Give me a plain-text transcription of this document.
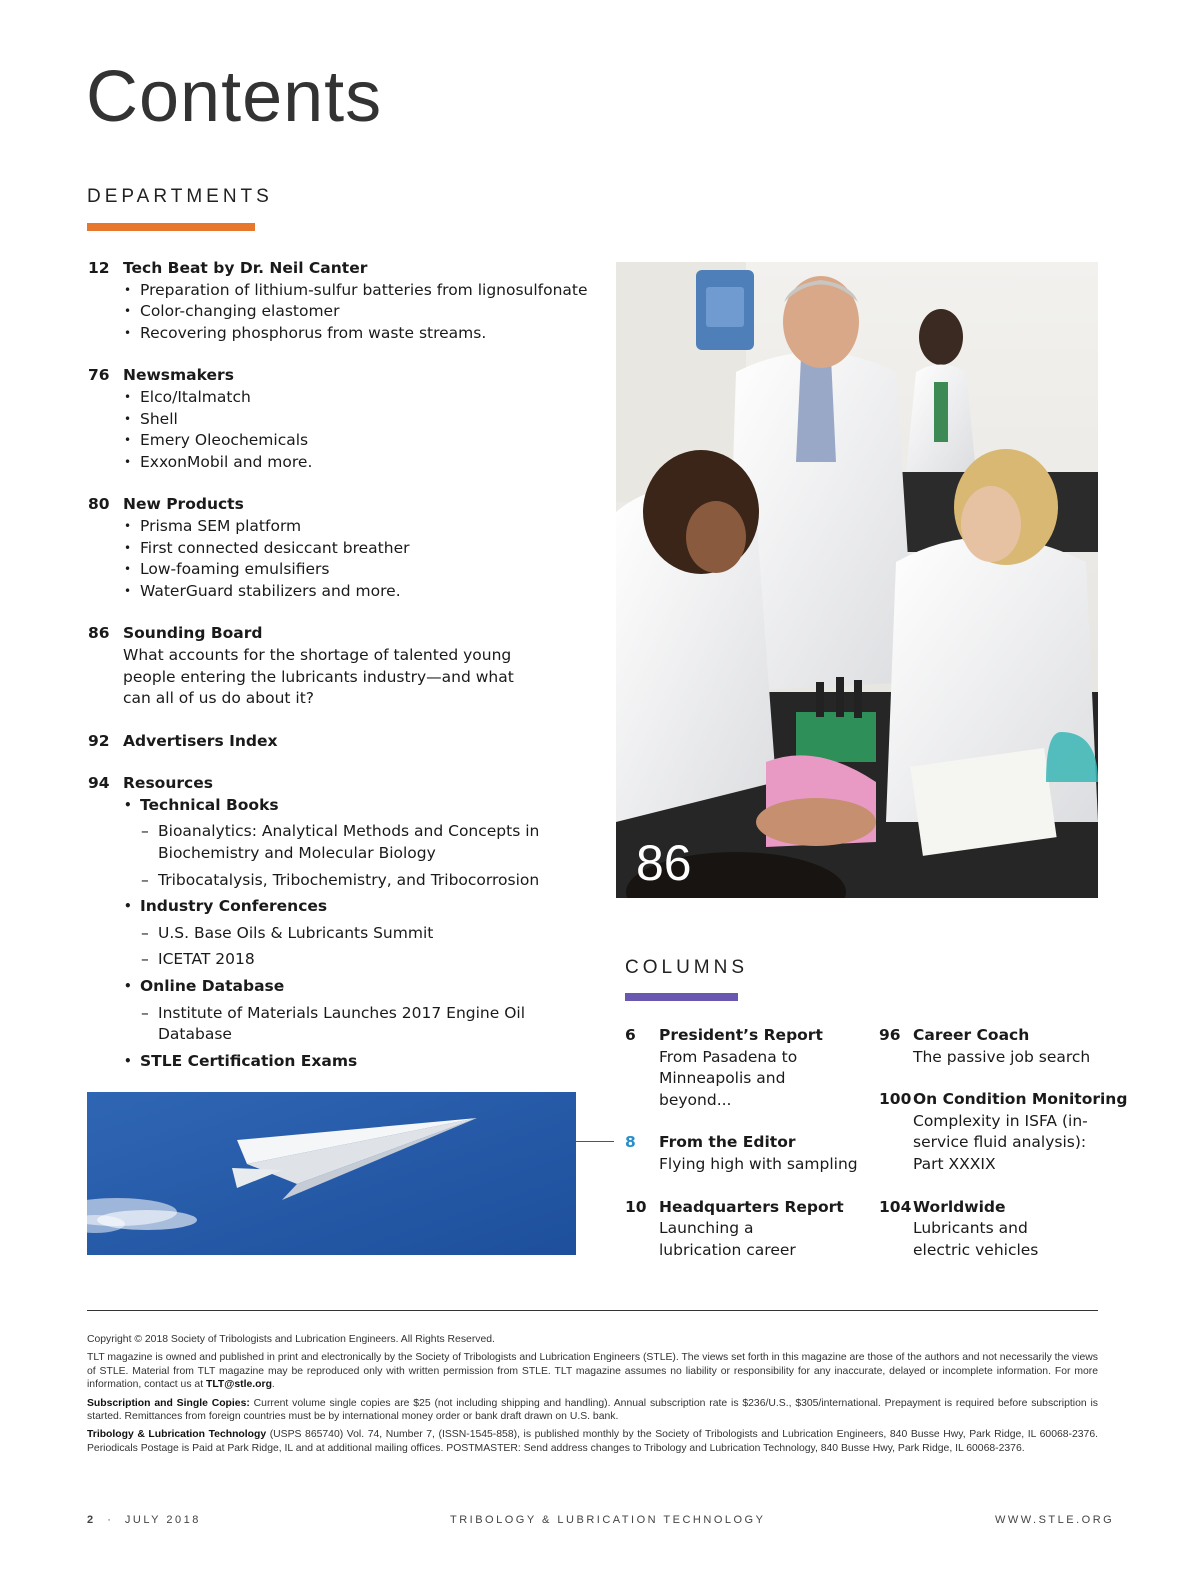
Contents
DEPARTMENTS
12 Tech Beat by Dr. Neil Canter
• Preparation of lithium-sulfur batteries from lignosulfonate
• Color-changing elastomer
• Recovering phosphorus from waste streams.
76 Newsmakers
• Elco/Italmatch
• Shell
• Emery Oleochemicals
• ExxonMobil and more.
80 New Products
• Prisma SEM platform
• First connected desiccant breather
• Low-foaming emulsifiers
• WaterGuard stabilizers and more.
86 Sounding Board
What accounts for the shortage of talented young people entering the lubricants industry—and what can all of us do about it?
92 Advertisers Index
94 Resources
• Technical Books
– Bioanalytics: Analytical Methods and Concepts in Biochemistry and Molecular Biology
– Tribocatalysis, Tribochemistry, and Tribocorrosion
• Industry Conferences
– U.S. Base Oils & Lubricants Summit
– ICETAT 2018
• Online Database
– Institute of Materials Launches 2017 Engine Oil Database
• STLE Certification Exams
86
COLUMNS
6	President’s Report
From Pasadena to Minneapolis and beyond...
8	From the Editor
Flying high with sampling
10 Headquarters Report
Launching a lubrication career
96 Career Coach
The passive job search
100 On Condition Monitoring
Complexity in ISFA (in-service fluid analysis): Part XXXIX
104 Worldwide
Lubricants and electric vehicles

Copyright © 2018 Society of Tribologists and Lubrication Engineers. All Rights Reserved.

TLT magazine is owned and published in print and electronically by the Society of Tribologists and Lubrication Engineers (STLE). The views set forth in this magazine are those of the authors and not necessarily the views of STLE. Material from TLT magazine may be reproduced only with written permission from STLE. TLT magazine assumes no liability or responsibility for any inaccurate, delayed or incomplete information. For more information, contact us at TLT@stle.org.

Subscription and Single Copies: Current volume single copies are $25 (not including shipping and handling). Annual subscription rate is $236/U.S., $305/international. Prepayment is required before subscription is started. Remittances from foreign countries must be by international money order or bank draft drawn on U.S. bank.

Tribology & Lubrication Technology (USPS 865740) Vol. 74, Number 7, (ISSN-1545-858), is published monthly by the Society of Tribologists and Lubrication Engineers, 840 Busse Hwy, Park Ridge, IL 60068-2376. Periodicals Postage is Paid at Park Ridge, IL and at additional mailing offices. POSTMASTER: Send address changes to Tribology and Lubrication Technology, 840 Busse Hwy, Park Ridge, IL 60068-2376.

2 · JULY 2018	TRIBOLOGY & LUBRICATION TECHNOLOGY	WWW.STLE.ORG
